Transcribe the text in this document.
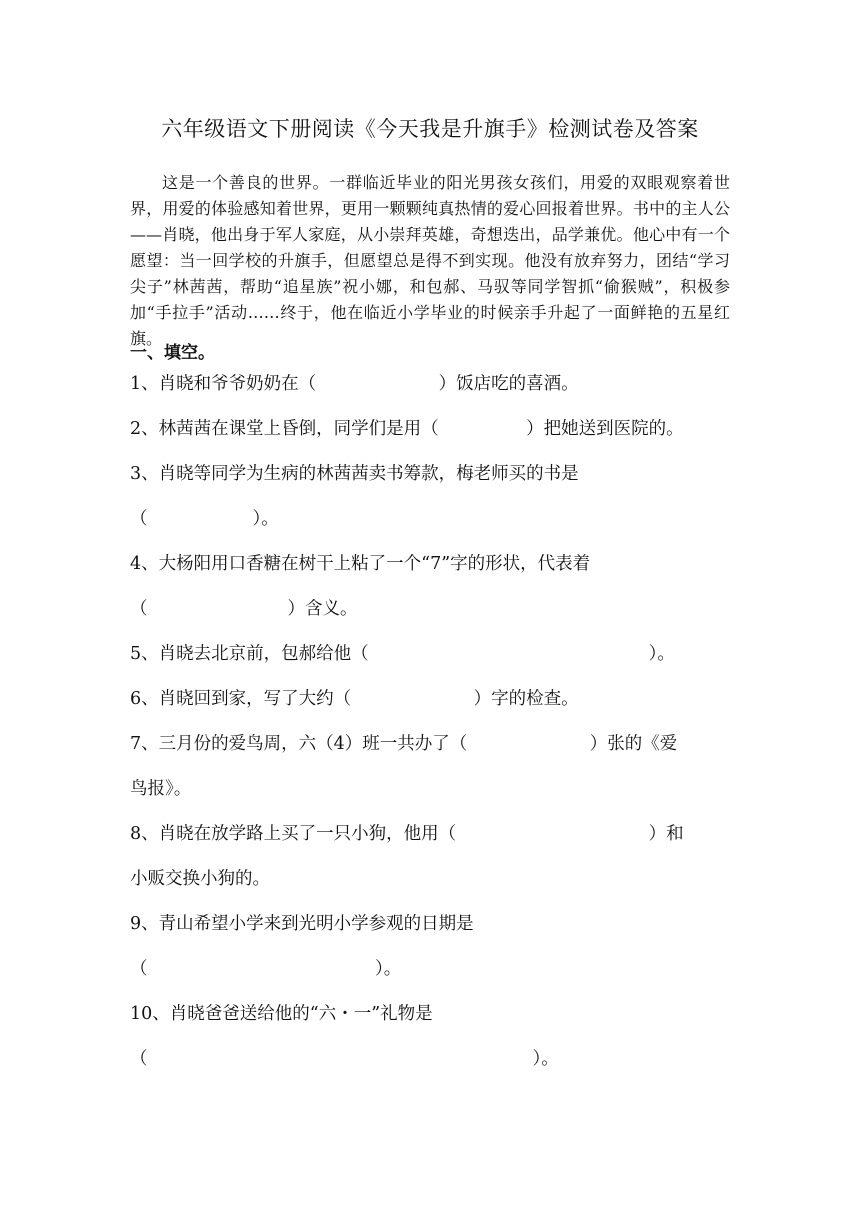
六年级语文下册阅读《今天我是升旗手》检测试卷及答案

这是一个善良的世界。一群临近毕业的阳光男孩女孩们，用爱的双眼观察着世界，用爱的体验感知着世界，更用一颗颗纯真热情的爱心回报着世界。书中的主人公——肖晓，他出身于军人家庭，从小崇拜英雄，奇想迭出，品学兼优。他心中有一个愿望：当一回学校的升旗手，但愿望总是得不到实现。他没有放弃努力，团结“学习尖子”林茜茜，帮助“追星族”祝小娜，和包郝、马驭等同学智抓“偷猴贼”，积极参加“手拉手”活动……终于，他在临近小学毕业的时候亲手升起了一面鲜艳的五星红旗。

一、填空。
1、肖晓和爷爷奶奶在（　　　　　　　）饭店吃的喜酒。
2、林茜茜在课堂上昏倒，同学们是用（　　　　　）把她送到医院的。
3、肖晓等同学为生病的林茜茜卖书筹款，梅老师买的书是
（　　　　　　）。
4、大杨阳用口香糖在树干上粘了一个“7”字的形状，代表着
（　　　　　　　　）含义。
5、肖晓去北京前，包郝给他（　　　　　　　　　　　　　　　　）。
6、肖晓回到家，写了大约（　　　　　　　）字的检查。
7、三月份的爱鸟周，六（4）班一共办了（　　　　　　　）张的《爱
鸟报》。
8、肖晓在放学路上买了一只小狗，他用（　　　　　　　　　　　）和
小贩交换小狗的。
9、青山希望小学来到光明小学参观的日期是
（　　　　　　　　　　　　　）。
10、肖晓爸爸送给他的“六・一”礼物是
（　　　　　　　　　　　　　　　　　　　　　　）。
